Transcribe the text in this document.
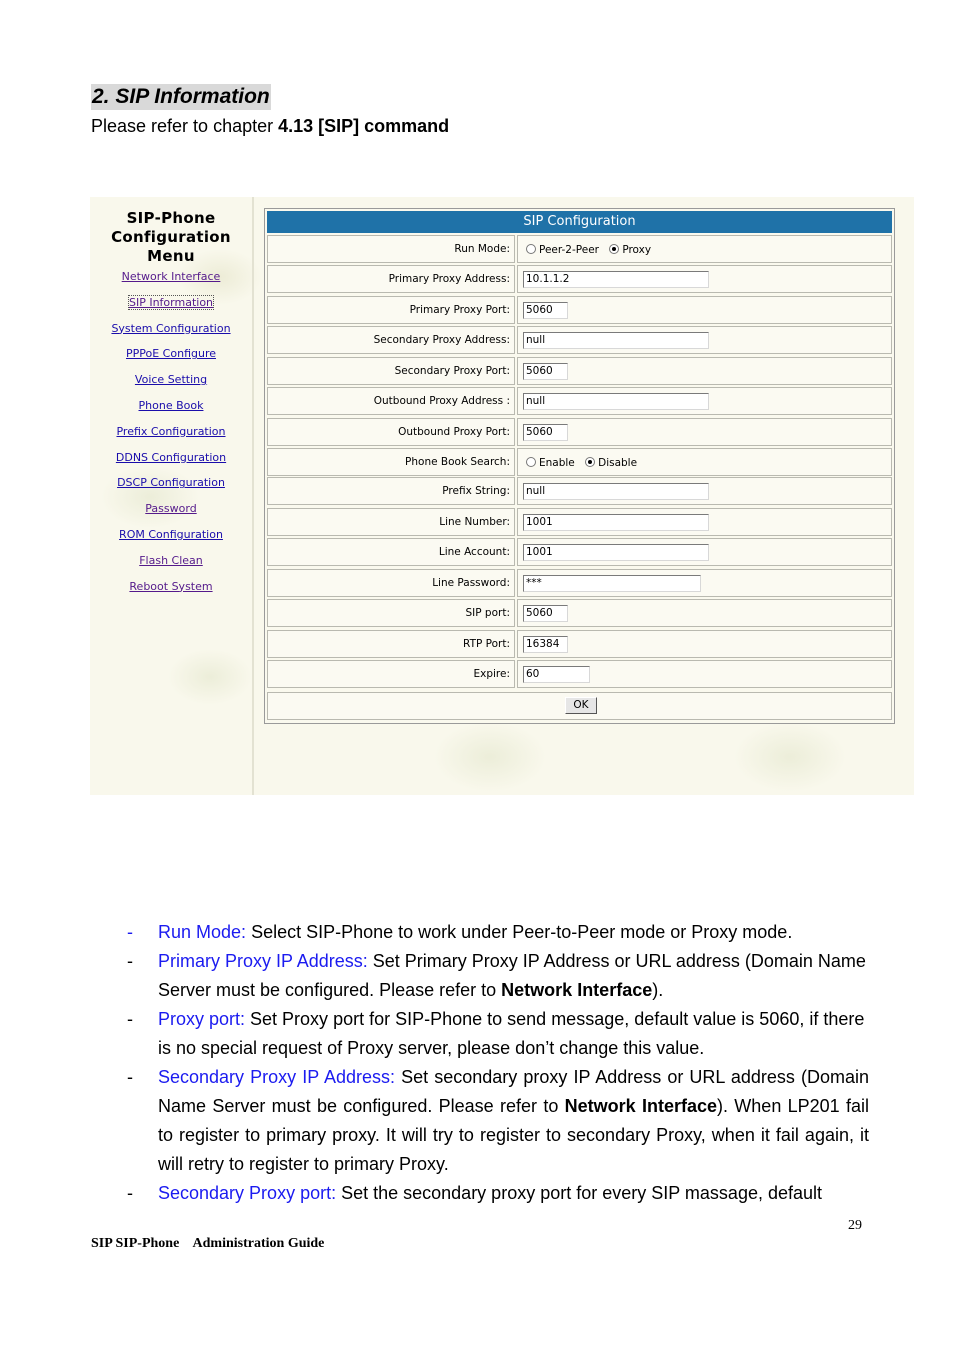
2. SIP Information
Please refer to chapter 4.13 [SIP] command
SIP-Phone
Configuration
Menu
Network Interface
SIP Information
System Configuration
PPPoE Configure
Voice Setting
Phone Book
Prefix Configuration
DDNS Configuration
DSCP Configuration
Password
ROM Configuration
Flash Clean
Reboot System
SIP Configuration
Run Mode:	Peer-2-Peer Proxy
Primary Proxy Address:	10.1.1.2
Primary Proxy Port:	5060
Secondary Proxy Address:	null
Secondary Proxy Port:	5060
Outbound Proxy Address :	null
Outbound Proxy Port:	5060
Phone Book Search:	Enable Disable
Prefix String:	null
Line Number:	1001
Line Account:	1001
Line Password:	***
SIP port:	5060
RTP Port:	16384
Expire:	60
OK
- Run Mode: Select SIP-Phone to work under Peer-to-Peer mode or Proxy mode.
- Primary Proxy IP Address: Set Primary Proxy IP Address or URL address (Domain Name Server must be configured. Please refer to Network Interface).
- Proxy port: Set Proxy port for SIP-Phone to send message, default value is 5060, if there is no special request of Proxy server, please don’t change this value.
- Secondary Proxy IP Address: Set secondary proxy IP Address or URL address (Domain Name Server must be configured. Please refer to Network Interface). When LP201 fail to register to primary proxy. It will try to register to secondary Proxy, when it fail again, it will retry to register to primary Proxy.
- Secondary Proxy port: Set the secondary proxy port for every SIP massage, default
29
SIP SIP-Phone    Administration Guide
